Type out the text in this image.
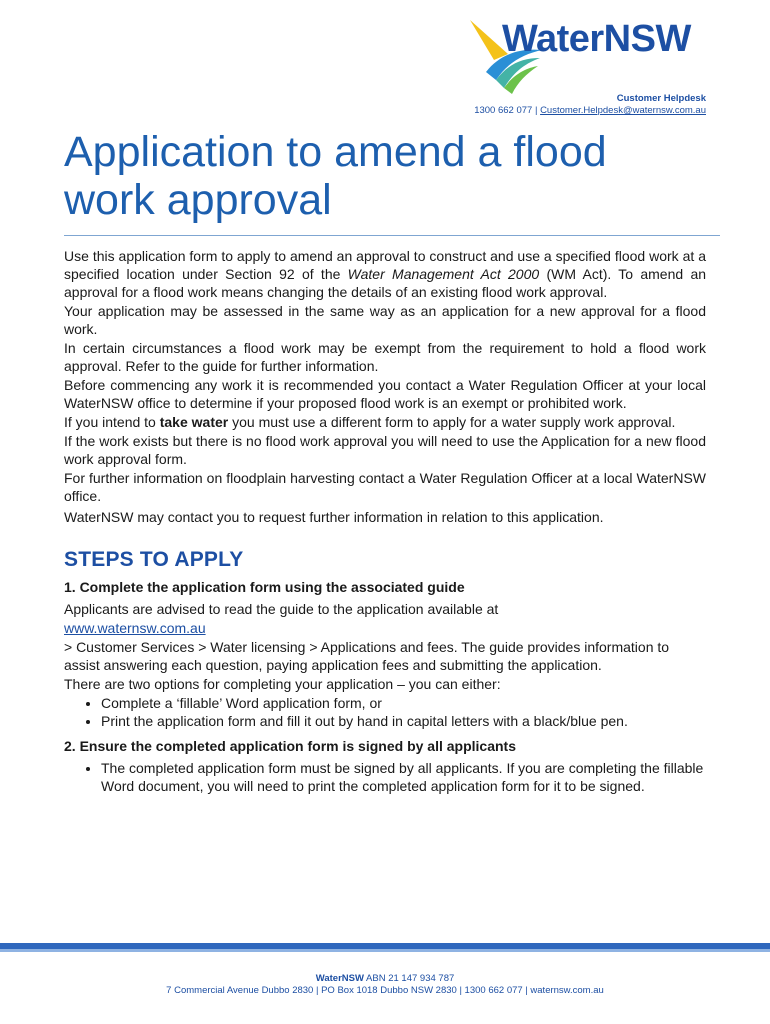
WaterNSW
Customer Helpdesk
1300 662 077 | Customer.Helpdesk@waternsw.com.au
Application to amend a flood work approval

Use this application form to apply to amend an approval to construct and use a specified flood work at a specified location under Section 92 of the Water Management Act 2000 (WM Act). To amend an approval for a flood work means changing the details of an existing flood work approval.

Your application may be assessed in the same way as an application for a new approval for a flood work.

In certain circumstances a flood work may be exempt from the requirement to hold a flood work approval. Refer to the guide for further information.

Before commencing any work it is recommended you contact a Water Regulation Officer at your local WaterNSW office to determine if your proposed flood work is an exempt or prohibited work.

If you intend to take water you must use a different form to apply for a water supply work approval.

If the work exists but there is no flood work approval you will need to use the Application for a new flood work approval form.

For further information on floodplain harvesting contact a Water Regulation Officer at a local WaterNSW office.

WaterNSW may contact you to request further information in relation to this application.

STEPS TO APPLY
1. Complete the application form using the associated guide

Applicants are advised to read the guide to the application available at

www.waternsw.com.au

> Customer Services > Water licensing > Applications and fees. The guide provides information to assist answering each question, paying application fees and submitting the application.

There are two options for completing your application – you can either:

• Complete a ‘fillable’ Word application form, or
• Print the application form and fill it out by hand in capital letters with a black/blue pen.
2. Ensure the completed application form is signed by all applicants
• The completed application form must be signed by all applicants. If you are completing the fillable Word document, you will need to print the completed application form for it to be signed.
WaterNSW ABN 21 147 934 787
7 Commercial Avenue Dubbo 2830 | PO Box 1018 Dubbo NSW 2830 | 1300 662 077 | waternsw.com.au
